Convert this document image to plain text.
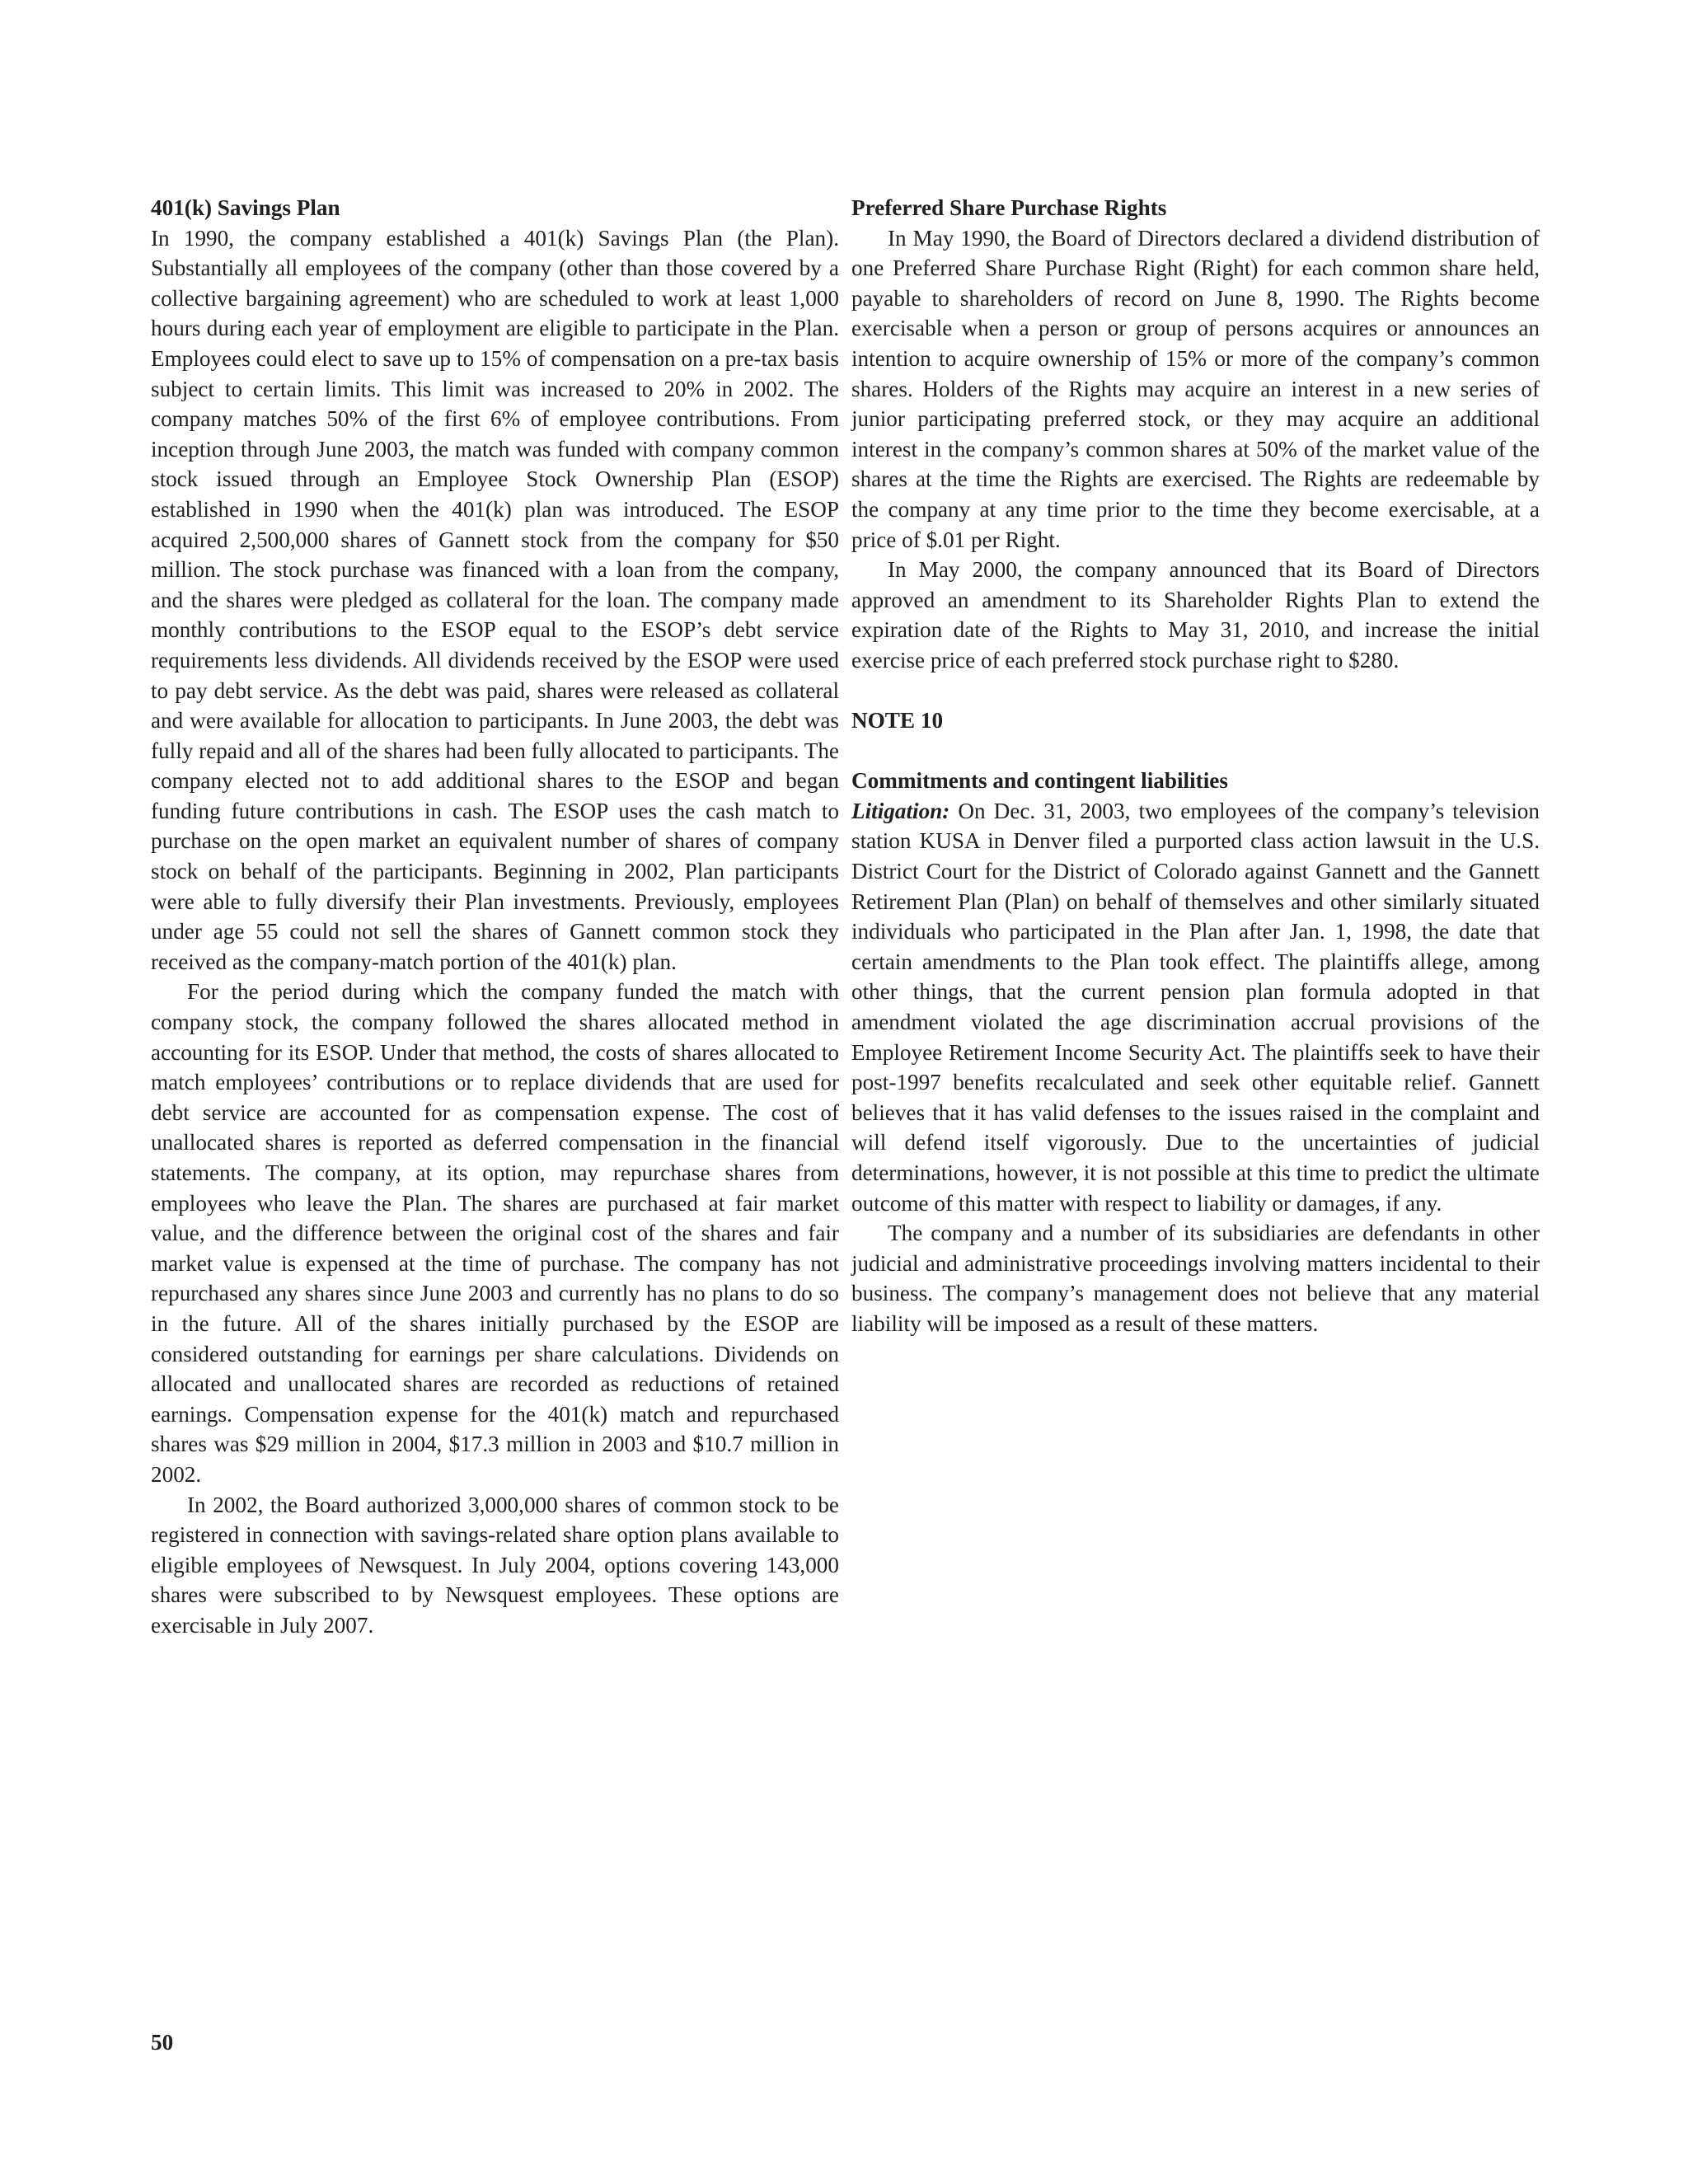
401(k) Savings Plan

In 1990, the company established a 401(k) Savings Plan (the Plan). Substantially all employees of the company (other than those covered by a collective bargaining agreement) who are scheduled to work at least 1,000 hours during each year of employment are eligible to participate in the Plan. Employees could elect to save up to 15% of compensation on a pre-tax basis subject to certain limits. This limit was increased to 20% in 2002. The company matches 50% of the first 6% of employee contributions. From inception through June 2003, the match was funded with company common stock issued through an Employee Stock Ownership Plan (ESOP) established in 1990 when the 401(k) plan was introduced. The ESOP acquired 2,500,000 shares of Gannett stock from the company for $50 million. The stock purchase was financed with a loan from the company, and the shares were pledged as collateral for the loan. The company made monthly contributions to the ESOP equal to the ESOP’s debt service requirements less dividends. All dividends received by the ESOP were used to pay debt service. As the debt was paid, shares were released as collateral and were available for allocation to participants. In June 2003, the debt was fully repaid and all of the shares had been fully allocated to participants. The company elected not to add additional shares to the ESOP and began funding future contributions in cash. The ESOP uses the cash match to purchase on the open market an equivalent number of shares of company stock on behalf of the participants. Beginning in 2002, Plan participants were able to fully diversify their Plan investments. Previously, employees under age 55 could not sell the shares of Gannett common stock they received as the company-match portion of the 401(k) plan.

For the period during which the company funded the match with company stock, the company followed the shares allocated method in accounting for its ESOP. Under that method, the costs of shares allocated to match employees’ contributions or to replace dividends that are used for debt service are accounted for as compensation expense. The cost of unallocated shares is reported as deferred compensation in the financial statements. The company, at its option, may repurchase shares from employees who leave the Plan. The shares are purchased at fair market value, and the difference between the original cost of the shares and fair market value is expensed at the time of purchase. The company has not repurchased any shares since June 2003 and currently has no plans to do so in the future. All of the shares initially purchased by the ESOP are considered outstanding for earnings per share calculations. Dividends on allocated and unallocated shares are recorded as reductions of retained earnings. Compensation expense for the 401(k) match and repurchased shares was $29 million in 2004, $17.3 million in 2003 and $10.7 million in 2002.

In 2002, the Board authorized 3,000,000 shares of common stock to be registered in connection with savings-related share option plans available to eligible employees of Newsquest. In July 2004, options covering 143,000 shares were subscribed to by Newsquest employees. These options are exercisable in July 2007.

Preferred Share Purchase Rights

In May 1990, the Board of Directors declared a dividend distribution of one Preferred Share Purchase Right (Right) for each common share held, payable to shareholders of record on June 8, 1990. The Rights become exercisable when a person or group of persons acquires or announces an intention to acquire ownership of 15% or more of the company’s common shares. Holders of the Rights may acquire an interest in a new series of junior participating preferred stock, or they may acquire an additional interest in the company’s common shares at 50% of the market value of the shares at the time the Rights are exercised. The Rights are redeemable by the company at any time prior to the time they become exercisable, at a price of $.01 per Right.

In May 2000, the company announced that its Board of Directors approved an amendment to its Shareholder Rights Plan to extend the expiration date of the Rights to May 31, 2010, and increase the initial exercise price of each preferred stock purchase right to $280.

NOTE 10

Commitments and contingent liabilities

Litigation: On Dec. 31, 2003, two employees of the company’s television station KUSA in Denver filed a purported class action lawsuit in the U.S. District Court for the District of Colorado against Gannett and the Gannett Retirement Plan (Plan) on behalf of themselves and other similarly situated individuals who participated in the Plan after Jan. 1, 1998, the date that certain amendments to the Plan took effect. The plaintiffs allege, among other things, that the current pension plan formula adopted in that amendment violated the age discrimination accrual provisions of the Employee Retirement Income Security Act. The plaintiffs seek to have their post-1997 benefits recalculated and seek other equitable relief. Gannett believes that it has valid defenses to the issues raised in the complaint and will defend itself vigorously. Due to the uncertainties of judicial determinations, however, it is not possible at this time to predict the ultimate outcome of this matter with respect to liability or damages, if any.

The company and a number of its subsidiaries are defendants in other judicial and administrative proceedings involving matters incidental to their business. The company’s management does not believe that any material liability will be imposed as a result of these matters.

50
